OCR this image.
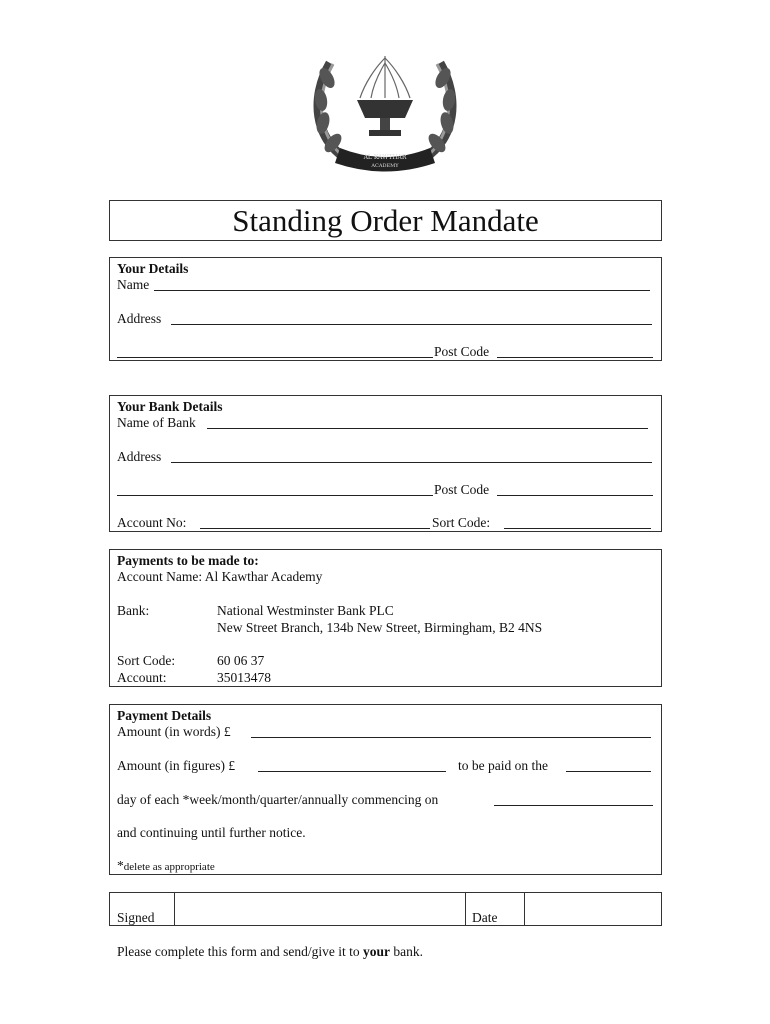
AL KAWTHAR
ACADEMY
Standing Order Mandate
Your Details
Name
Address
Post Code
Your Bank Details
Name of Bank
Address
Post Code
Account No:	Sort Code:
Payments to be made to:
Account Name: Al Kawthar Academy
Bank:	National Westminster Bank PLC
New Street Branch, 134b New Street, Birmingham, B2 4NS
Sort Code:	60 06 37
Account:	35013478
Payment Details
Amount (in words) £
Amount (in figures) £	to be paid on the
day of each *week/month/quarter/annually commencing on
and continuing until further notice.
*delete as appropriate
Signed	Date
Please complete this form and send/give it to your bank.
